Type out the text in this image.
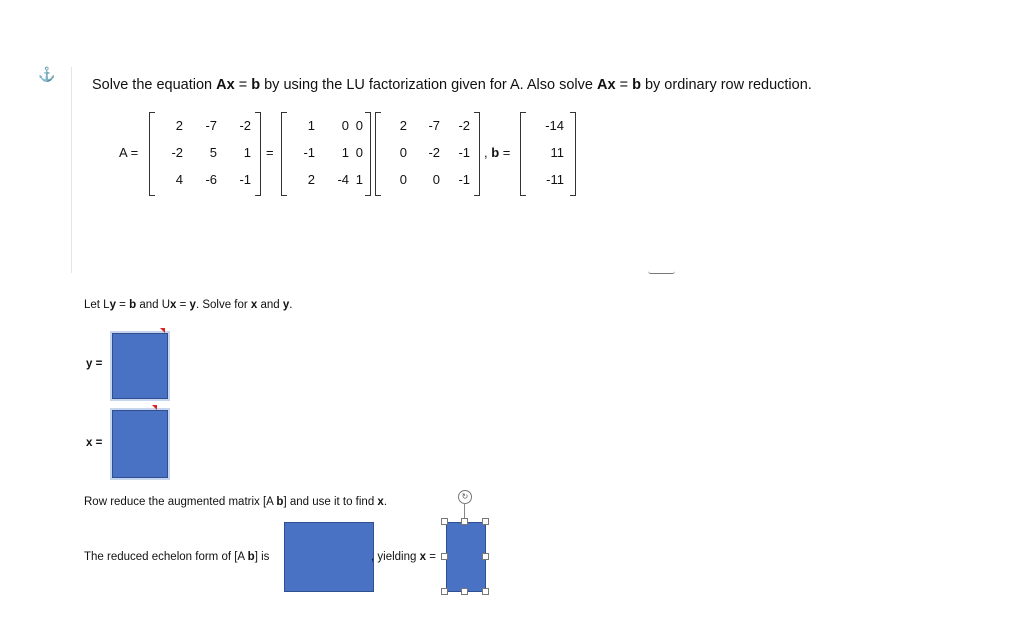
⚓
Solve the equation Ax = b by using the LU factorization given for A. Also solve Ax = b by ordinary row reduction.
A =
2 -7 -2
-2 5 1
4 -6 -1
=
1 0 0
-1 1 0
2 -4 1
2 -7 -2
0 -2 -1
0 0 -1
, b =
-14
11
-11
Let Ly = b and Ux = y. Solve for x and y.
y =
x =
Row reduce the augmented matrix [A b] and use it to find x.
The reduced echelon form of [A b] is	, yielding x =
↻
